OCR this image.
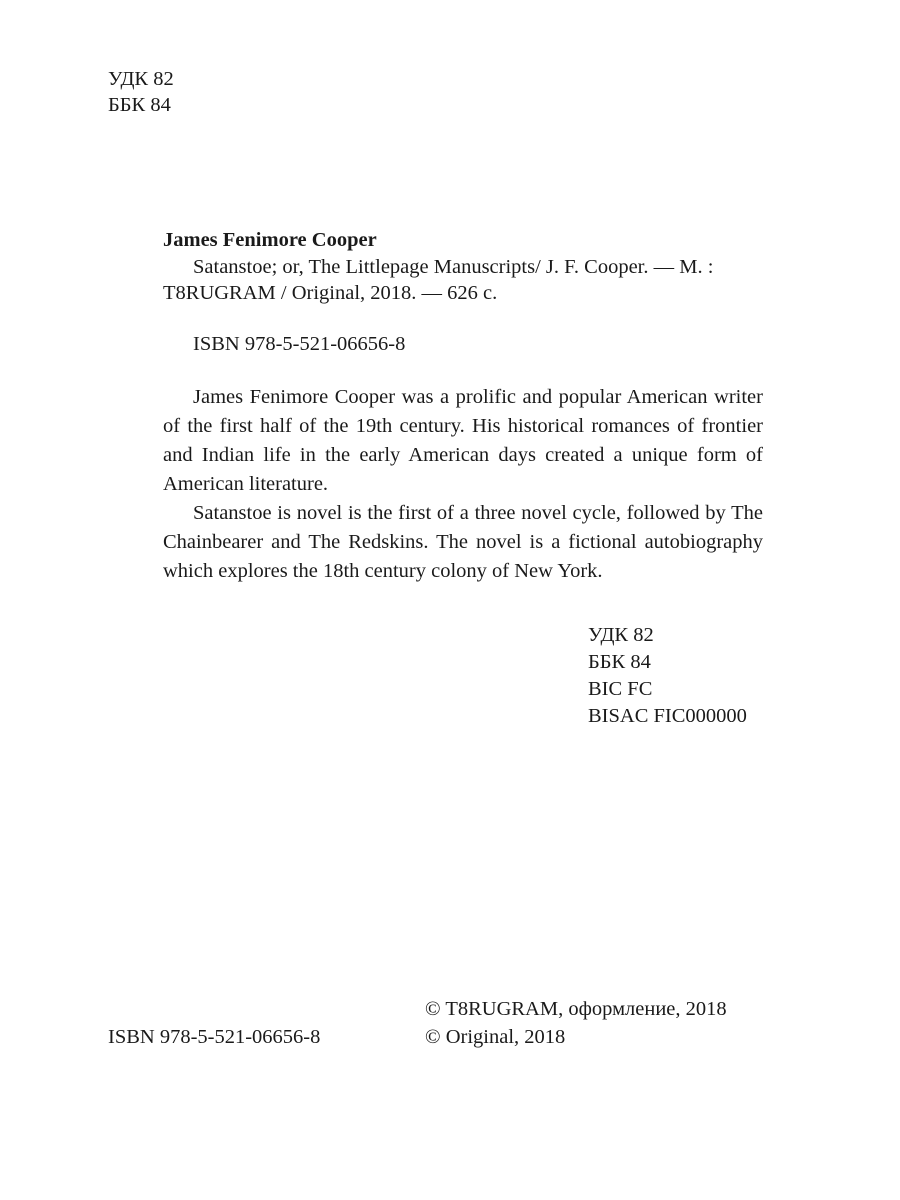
УДК 82
ББК 84
James Fenimore Cooper
Satanstoe; or, The Littlepage Manuscripts/ J. F. Cooper. — M. :
T8RUGRAM / Original, 2018. — 626 c.
ISBN 978-5-521-06656-8

James Fenimore Cooper was a prolific and popular American writer of the first half of the 19th century. His historical romances of frontier and Indian life in the early American days created a unique form of American literature.

Satanstoe is novel is the first of a three novel cycle, followed by The Chainbearer and The Redskins. The novel is a fictional autobiography which explores the 18th century colony of New York.

УДК 82
ББК 84
BIC FC
BISAC FIC000000
ISBN 978-5-521-06656-8
© T8RUGRAM, оформление, 2018
© Original, 2018
